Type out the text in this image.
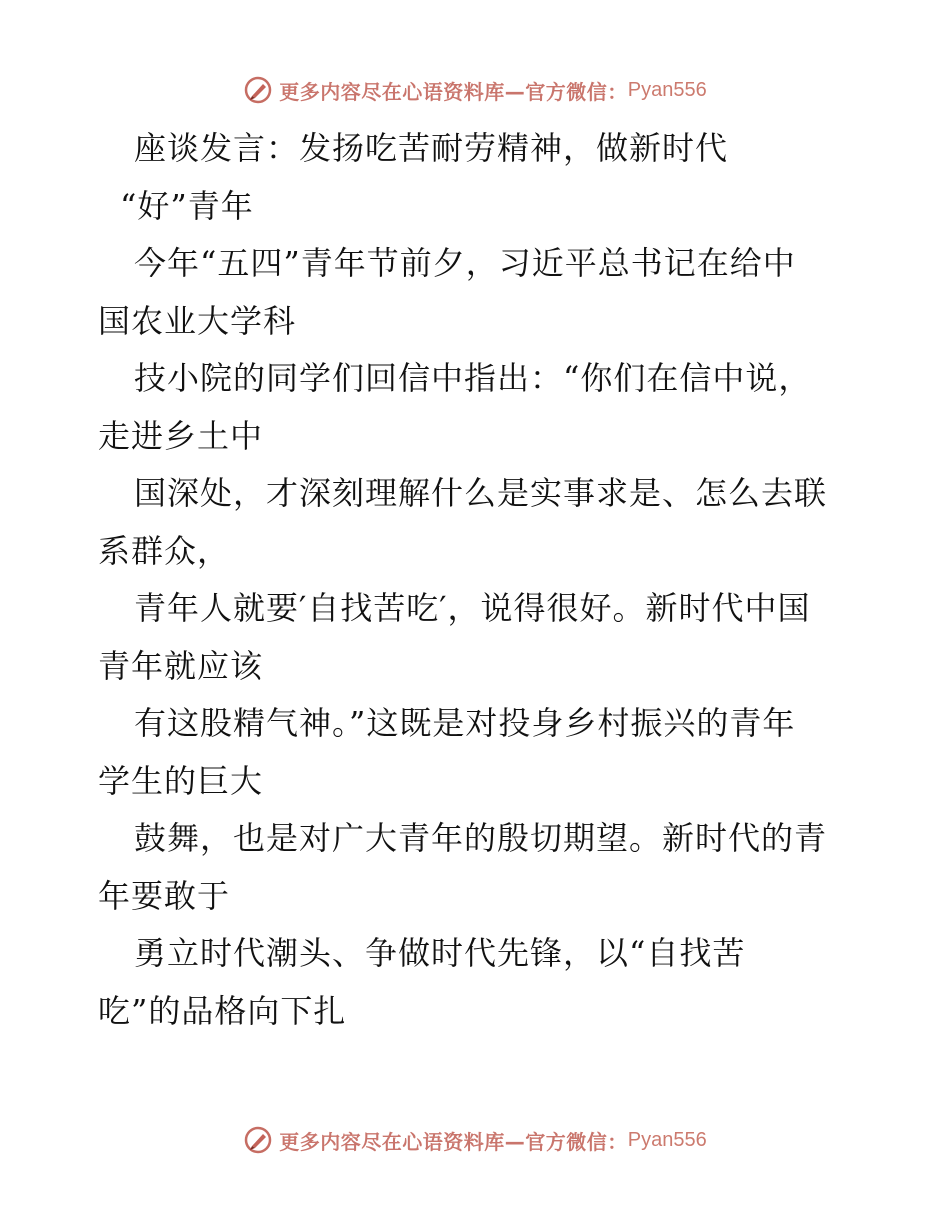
更多内容尽在心语资料库—官方微信： Pyan556
座谈发言：发扬吃苦耐劳精神，做新时代
“好”青年
今年“五四”青年节前夕，习近平总书记在给中
国农业大学科
技小院的同学们回信中指出：“你们在信中说，
走进乡土中
国深处，才深刻理解什么是实事求是、怎么去联
系群众，
青年人就要′自找苦吃′，说得很好。新时代中国
青年就应该
有这股精气神。”这既是对投身乡村振兴的青年
学生的巨大
鼓舞，也是对广大青年的殷切期望。新时代的青
年要敢于
勇立时代潮头、争做时代先锋，以“自找苦
吃”的品格向下扎
更多内容尽在心语资料库—官方微信： Pyan556
